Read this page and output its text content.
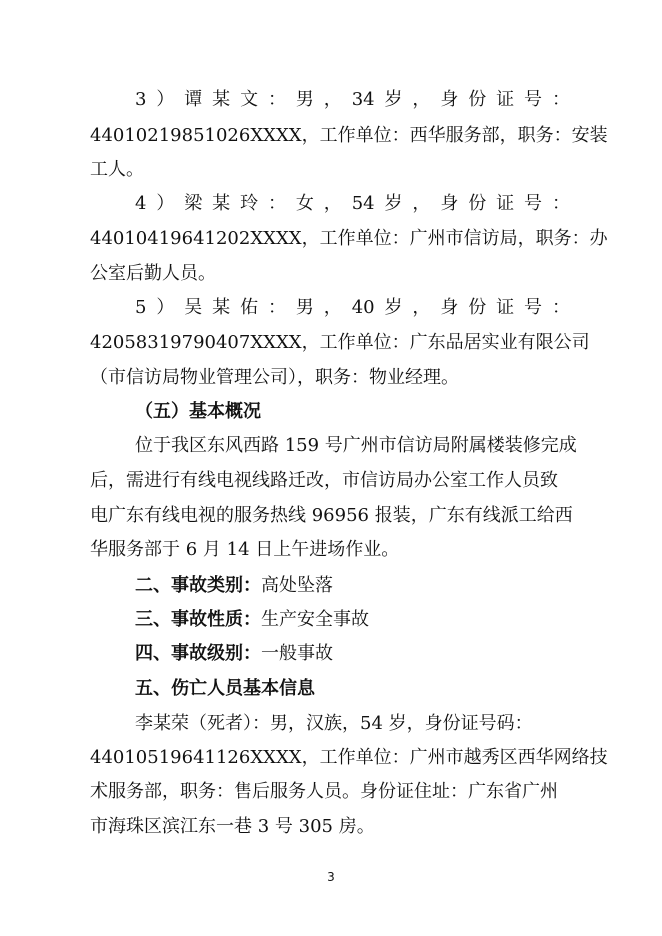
3 ） 谭 某 文 ： 男 ， 34 岁 ， 身 份 证 号 ：
44010219851026XXXX，工作单位：西华服务部，职务：安装
工人。
4 ） 梁 某 玲 ： 女 ， 54 岁 ， 身 份 证 号 ：
44010419641202XXXX，工作单位：广州市信访局，职务：办
公室后勤人员。
5 ） 吴 某 佑 ： 男 ， 40 岁 ， 身 份 证 号 ：
42058319790407XXXX，工作单位：广东品居实业有限公司
（市信访局物业管理公司），职务：物业经理。
（五）基本概况
位于我区东风西路 159 号广州市信访局附属楼装修完成
后，需进行有线电视线路迁改，市信访局办公室工作人员致
电广东有线电视的服务热线 96956 报装，广东有线派工给西
华服务部于 6 月 14 日上午进场作业。
二、事故类别：高处坠落
三、事故性质：生产安全事故
四、事故级别：一般事故
五、伤亡人员基本信息
李某荣（死者）：男，汉族，54 岁，身份证号码：
44010519641126XXXX，工作单位：广州市越秀区西华网络技
术服务部，职务：售后服务人员。身份证住址：广东省广州
市海珠区滨江东一巷 3 号 305 房。
3
